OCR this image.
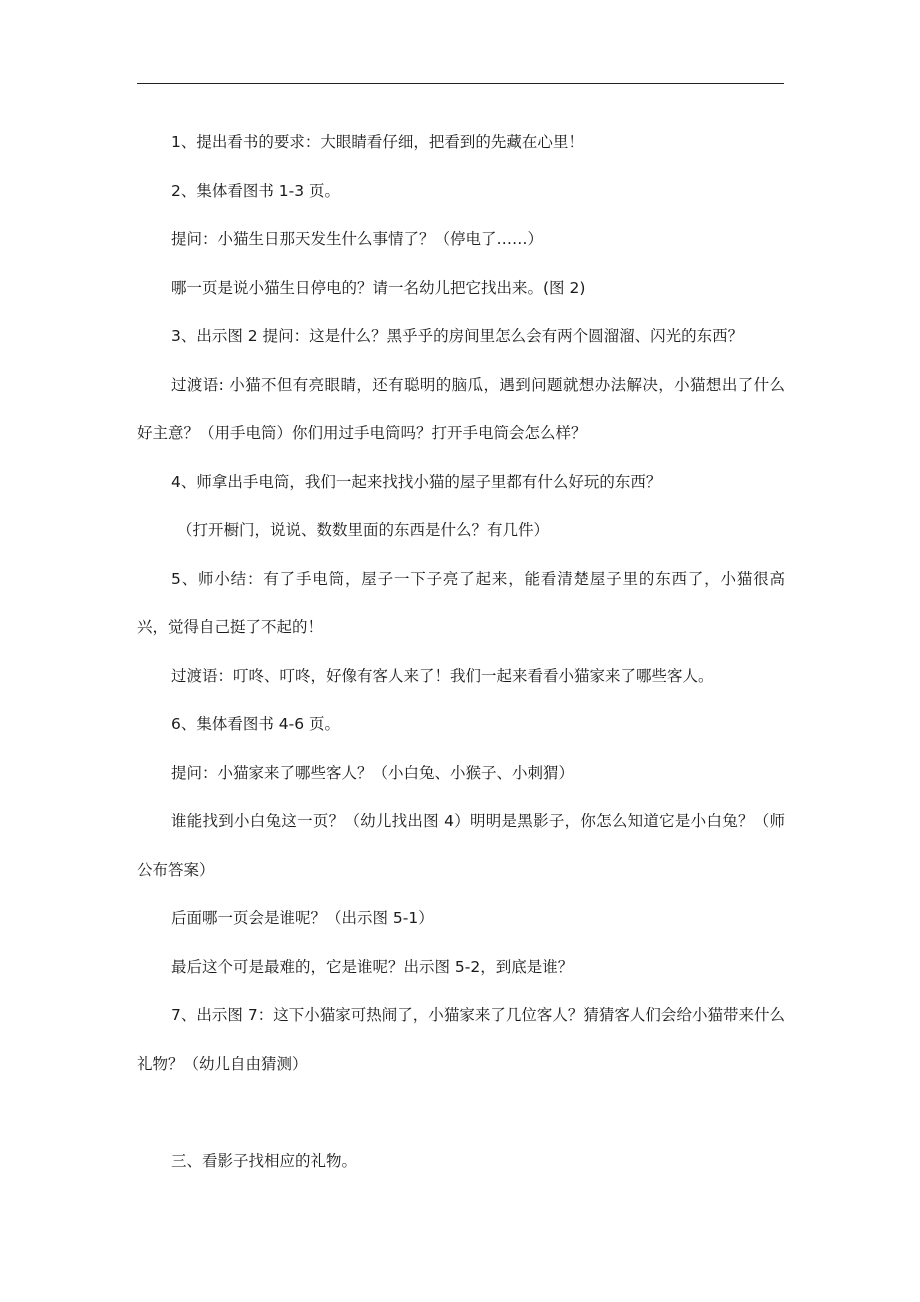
1、提出看书的要求：大眼睛看仔细，把看到的先藏在心里！

2、集体看图书 1-3 页。

提问：小猫生日那天发生什么事情了？（停电了……）

哪一页是说小猫生日停电的？请一名幼儿把它找出来。(图 2)

3、出示图 2 提问：这是什么？黑乎乎的房间里怎么会有两个圆溜溜、闪光的东西？

过渡语: 小猫不但有亮眼睛，还有聪明的脑瓜，遇到问题就想办法解决，小猫想出了什么好主意？（用手电筒）你们用过手电筒吗？打开手电筒会怎么样？

4、师拿出手电筒，我们一起来找找小猫的屋子里都有什么好玩的东西？

（打开橱门，说说、数数里面的东西是什么？有几件）

5、师小结：有了手电筒，屋子一下子亮了起来，能看清楚屋子里的东西了，小猫很高兴，觉得自己挺了不起的！

过渡语：叮咚、叮咚，好像有客人来了！我们一起来看看小猫家来了哪些客人。

6、集体看图书 4-6 页。

提问：小猫家来了哪些客人？（小白兔、小猴子、小刺猬）

谁能找到小白兔这一页？（幼儿找出图 4）明明是黑影子，你怎么知道它是小白兔？（师公布答案）

后面哪一页会是谁呢？（出示图 5-1）

最后这个可是最难的，它是谁呢？出示图 5-2，到底是谁？

7、出示图 7：这下小猫家可热闹了，小猫家来了几位客人？猜猜客人们会给小猫带来什么礼物？（幼儿自由猜测）

三、看影子找相应的礼物。
